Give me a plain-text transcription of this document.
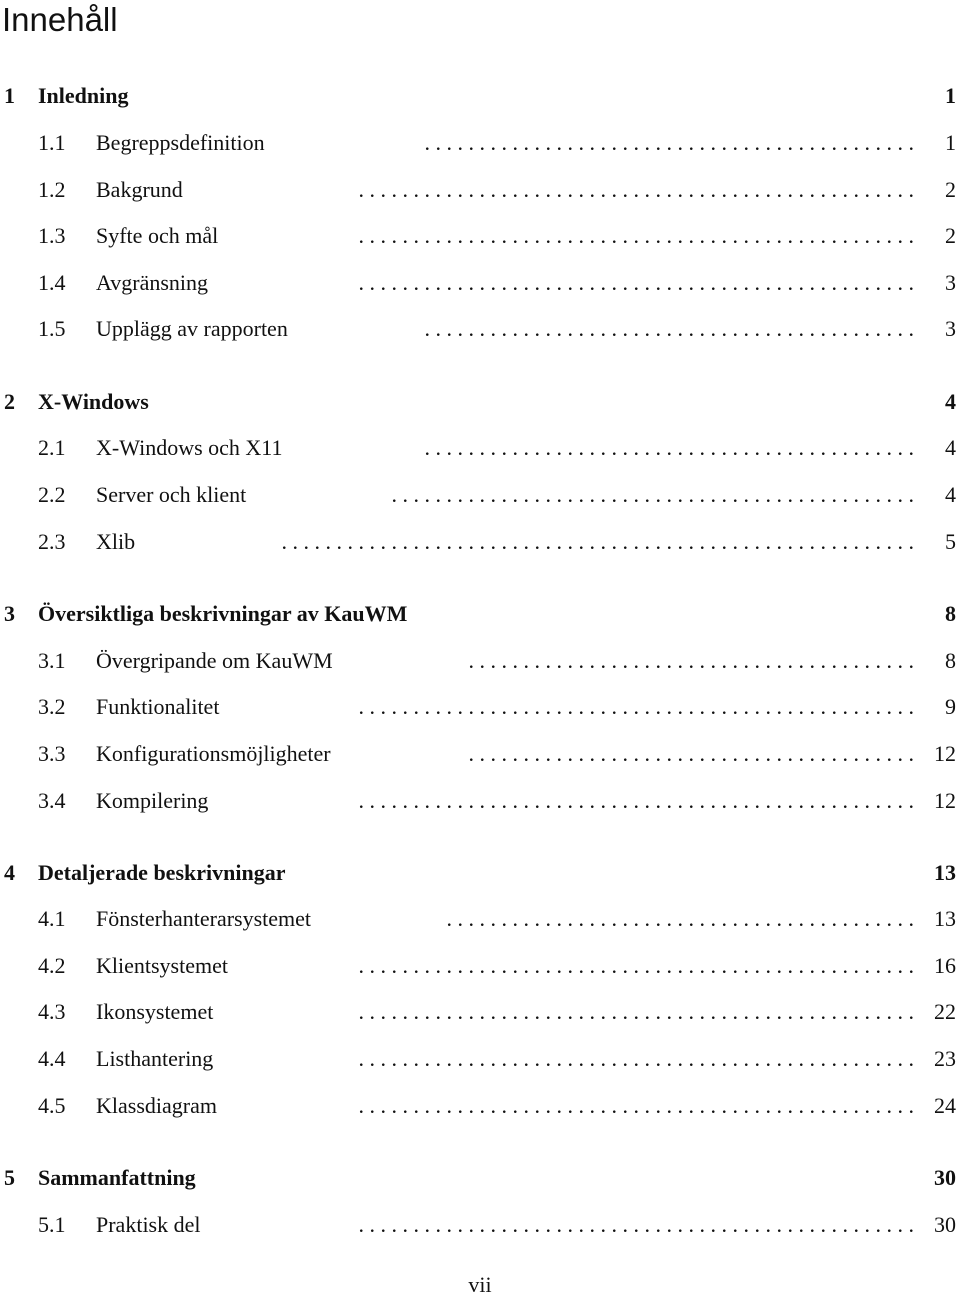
Innehåll
1 Inledning	1
1.1 Begreppsdefinition	. . . . . . . . . . . . . . . . . . . . . . . . . . . . . . . . . . . . . . . . . . . . . 1
1.2 Bakgrund	. . . . . . . . . . . . . . . . . . . . . . . . . . . . . . . . . . . . . . . . . . . . . . . . . . . 2
1.3 Syfte och mål	. . . . . . . . . . . . . . . . . . . . . . . . . . . . . . . . . . . . . . . . . . . . . . . . . . . 2
1.4 Avgränsning	. . . . . . . . . . . . . . . . . . . . . . . . . . . . . . . . . . . . . . . . . . . . . . . . . . . 3
1.5 Upplägg av rapporten	. . . . . . . . . . . . . . . . . . . . . . . . . . . . . . . . . . . . . . . . . . . . . 3
2 X-Windows	4
2.1 X-Windows och X11	. . . . . . . . . . . . . . . . . . . . . . . . . . . . . . . . . . . . . . . . . . . . . 4
2.2 Server och klient	. . . . . . . . . . . . . . . . . . . . . . . . . . . . . . . . . . . . . . . . . . . . . . . . 4
2.3 Xlib	. . . . . . . . . . . . . . . . . . . . . . . . . . . . . . . . . . . . . . . . . . . . . . . . . . . . . . . . . . 5
3 Översiktliga beskrivningar av KauWM	8
3.1 Övergripande om KauWM	. . . . . . . . . . . . . . . . . . . . . . . . . . . . . . . . . . . . . . . . . 8
3.2 Funktionalitet	. . . . . . . . . . . . . . . . . . . . . . . . . . . . . . . . . . . . . . . . . . . . . . . . . . . 9
3.3 Konfigurationsmöjligheter	. . . . . . . . . . . . . . . . . . . . . . . . . . . . . . . . . . . . . . . . . 12
3.4 Kompilering	. . . . . . . . . . . . . . . . . . . . . . . . . . . . . . . . . . . . . . . . . . . . . . . . . . . 12
4 Detaljerade beskrivningar	13
4.1 Fönsterhanterarsystemet	. . . . . . . . . . . . . . . . . . . . . . . . . . . . . . . . . . . . . . . . . . . 13
4.2 Klientsystemet	. . . . . . . . . . . . . . . . . . . . . . . . . . . . . . . . . . . . . . . . . . . . . . . . . . . 16
4.3 Ikonsystemet	. . . . . . . . . . . . . . . . . . . . . . . . . . . . . . . . . . . . . . . . . . . . . . . . . . . 22
4.4 Listhantering	. . . . . . . . . . . . . . . . . . . . . . . . . . . . . . . . . . . . . . . . . . . . . . . . . . . 23
4.5 Klassdiagram	. . . . . . . . . . . . . . . . . . . . . . . . . . . . . . . . . . . . . . . . . . . . . . . . . . . 24
5 Sammanfattning	30
5.1 Praktisk del	. . . . . . . . . . . . . . . . . . . . . . . . . . . . . . . . . . . . . . . . . . . . . . . . . . . 30
vii
